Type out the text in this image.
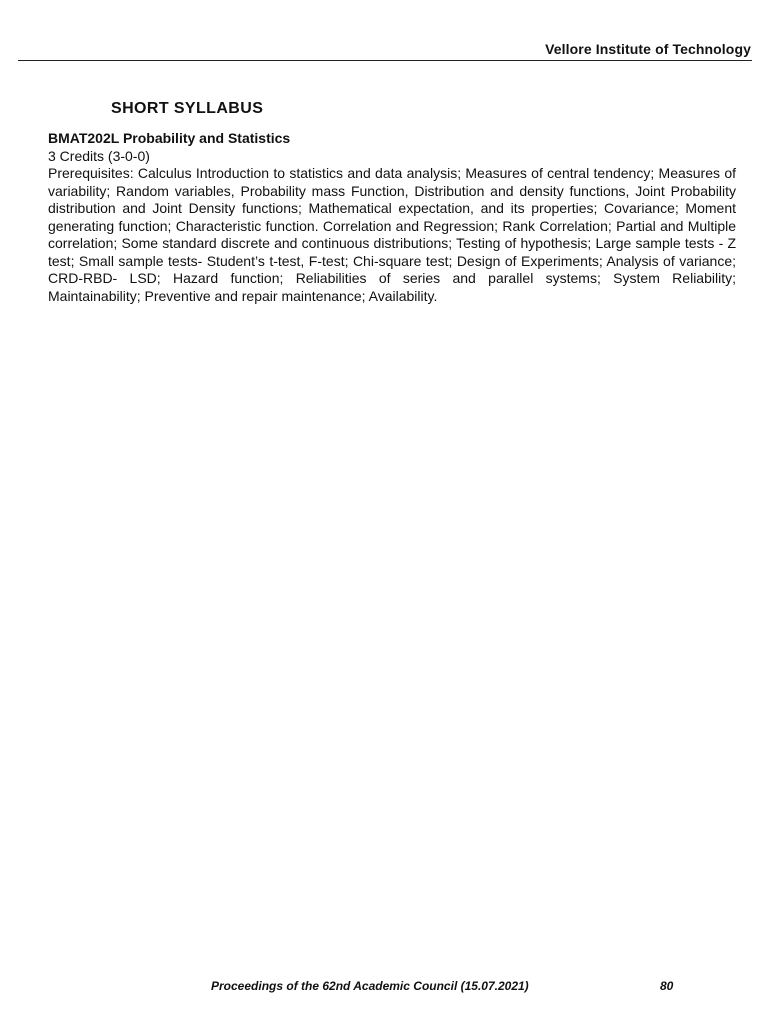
Vellore Institute of Technology
SHORT SYLLABUS
BMAT202L Probability and Statistics
3 Credits (3-0-0)
Prerequisites: Calculus Introduction to statistics and data analysis; Measures of central tendency; Measures of variability; Random variables, Probability mass Function, Distribution and density functions, Joint Probability distribution and Joint Density functions; Mathematical expectation, and its properties; Covariance; Moment generating function; Characteristic function. Correlation and Regression; Rank Correlation; Partial and Multiple correlation; Some standard discrete and continuous distributions; Testing of hypothesis; Large sample tests - Z test; Small sample tests- Student’s t-test, F-test; Chi-square test; Design of Experiments; Analysis of variance; CRD-RBD- LSD; Hazard function; Reliabilities of series and parallel systems; System Reliability; Maintainability; Preventive and repair maintenance; Availability.
Proceedings of the 62nd Academic Council (15.07.2021)	80
